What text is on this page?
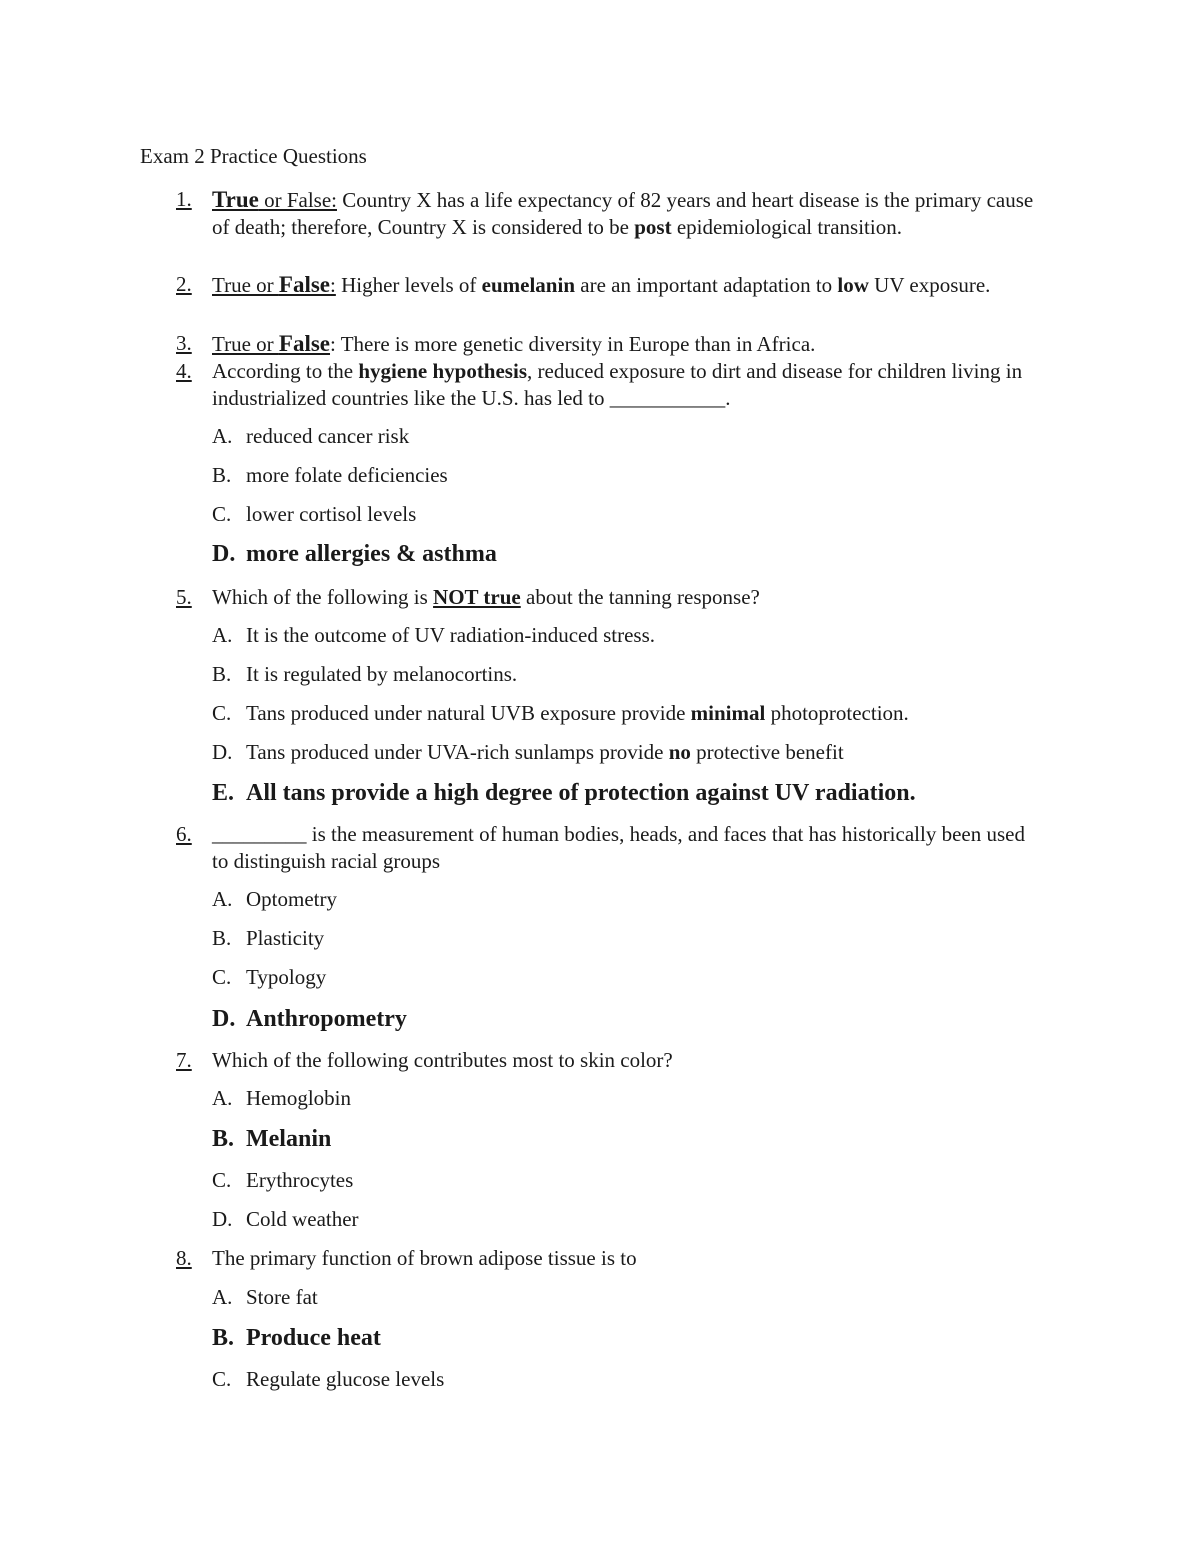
Exam 2 Practice Questions
1. True or False: Country X has a life expectancy of 82 years and heart disease is the primary cause of death; therefore, Country X is considered to be post epidemiological transition.
2. True or False: Higher levels of eumelanin are an important adaptation to low UV exposure.
3. True or False: There is more genetic diversity in Europe than in Africa.
4. According to the hygiene hypothesis, reduced exposure to dirt and disease for children living in industrialized countries like the U.S. has led to ___________.
A. reduced cancer risk
B. more folate deficiencies
C. lower cortisol levels
D. more allergies & asthma
5. Which of the following is NOT true about the tanning response?
A. It is the outcome of UV radiation-induced stress.
B. It is regulated by melanocortins.
C. Tans produced under natural UVB exposure provide minimal photoprotection.
D. Tans produced under UVA-rich sunlamps provide no protective benefit
E. All tans provide a high degree of protection against UV radiation.
6. _________ is the measurement of human bodies, heads, and faces that has historically been used to distinguish racial groups
A. Optometry
B. Plasticity
C. Typology
D. Anthropometry
7. Which of the following contributes most to skin color?
A. Hemoglobin
B. Melanin
C. Erythrocytes
D. Cold weather
8. The primary function of brown adipose tissue is to
A. Store fat
B. Produce heat
C. Regulate glucose levels
